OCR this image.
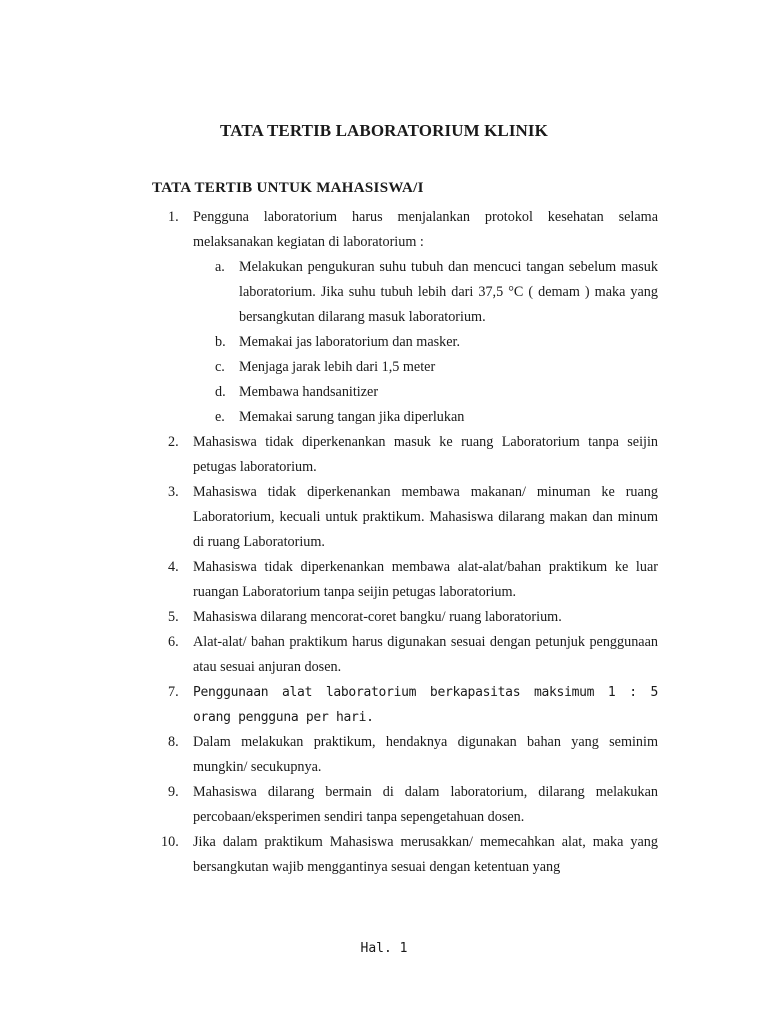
TATA TERTIB LABORATORIUM KLINIK
TATA TERTIB UNTUK MAHASISWA/I
1.	Pengguna laboratorium harus menjalankan protokol kesehatan selama melaksanakan kegiatan di laboratorium :
a. Melakukan pengukuran suhu tubuh dan mencuci tangan sebelum masuk laboratorium. Jika suhu tubuh lebih dari 37,5 °C ( demam ) maka yang bersangkutan dilarang masuk laboratorium.
b. Memakai jas laboratorium dan masker.
c. Menjaga jarak lebih dari 1,5 meter
d. Membawa handsanitizer
e. Memakai sarung tangan jika diperlukan
2.	Mahasiswa tidak diperkenankan masuk ke ruang Laboratorium tanpa seijin petugas laboratorium.
3.	Mahasiswa tidak diperkenankan membawa makanan/ minuman ke ruang Laboratorium, kecuali untuk praktikum. Mahasiswa dilarang makan dan minum di ruang Laboratorium.
4.	Mahasiswa tidak diperkenankan membawa alat-alat/bahan praktikum ke luar ruangan Laboratorium tanpa seijin petugas laboratorium.
5.	Mahasiswa dilarang mencorat-coret bangku/ ruang laboratorium.
6.	Alat-alat/ bahan praktikum harus digunakan sesuai dengan petunjuk penggunaan atau sesuai anjuran dosen.
7.	Penggunaan alat laboratorium berkapasitas maksimum 1 : 5 orang pengguna per hari.
8.	Dalam melakukan praktikum, hendaknya digunakan bahan yang seminim mungkin/ secukupnya.
9.	Mahasiswa dilarang bermain di dalam laboratorium, dilarang melakukan percobaan/eksperimen sendiri tanpa sepengetahuan dosen.
10.	Jika dalam praktikum Mahasiswa merusakkan/ memecahkan alat, maka yang bersangkutan wajib menggantinya sesuai dengan ketentuan yang

Hal. 1
